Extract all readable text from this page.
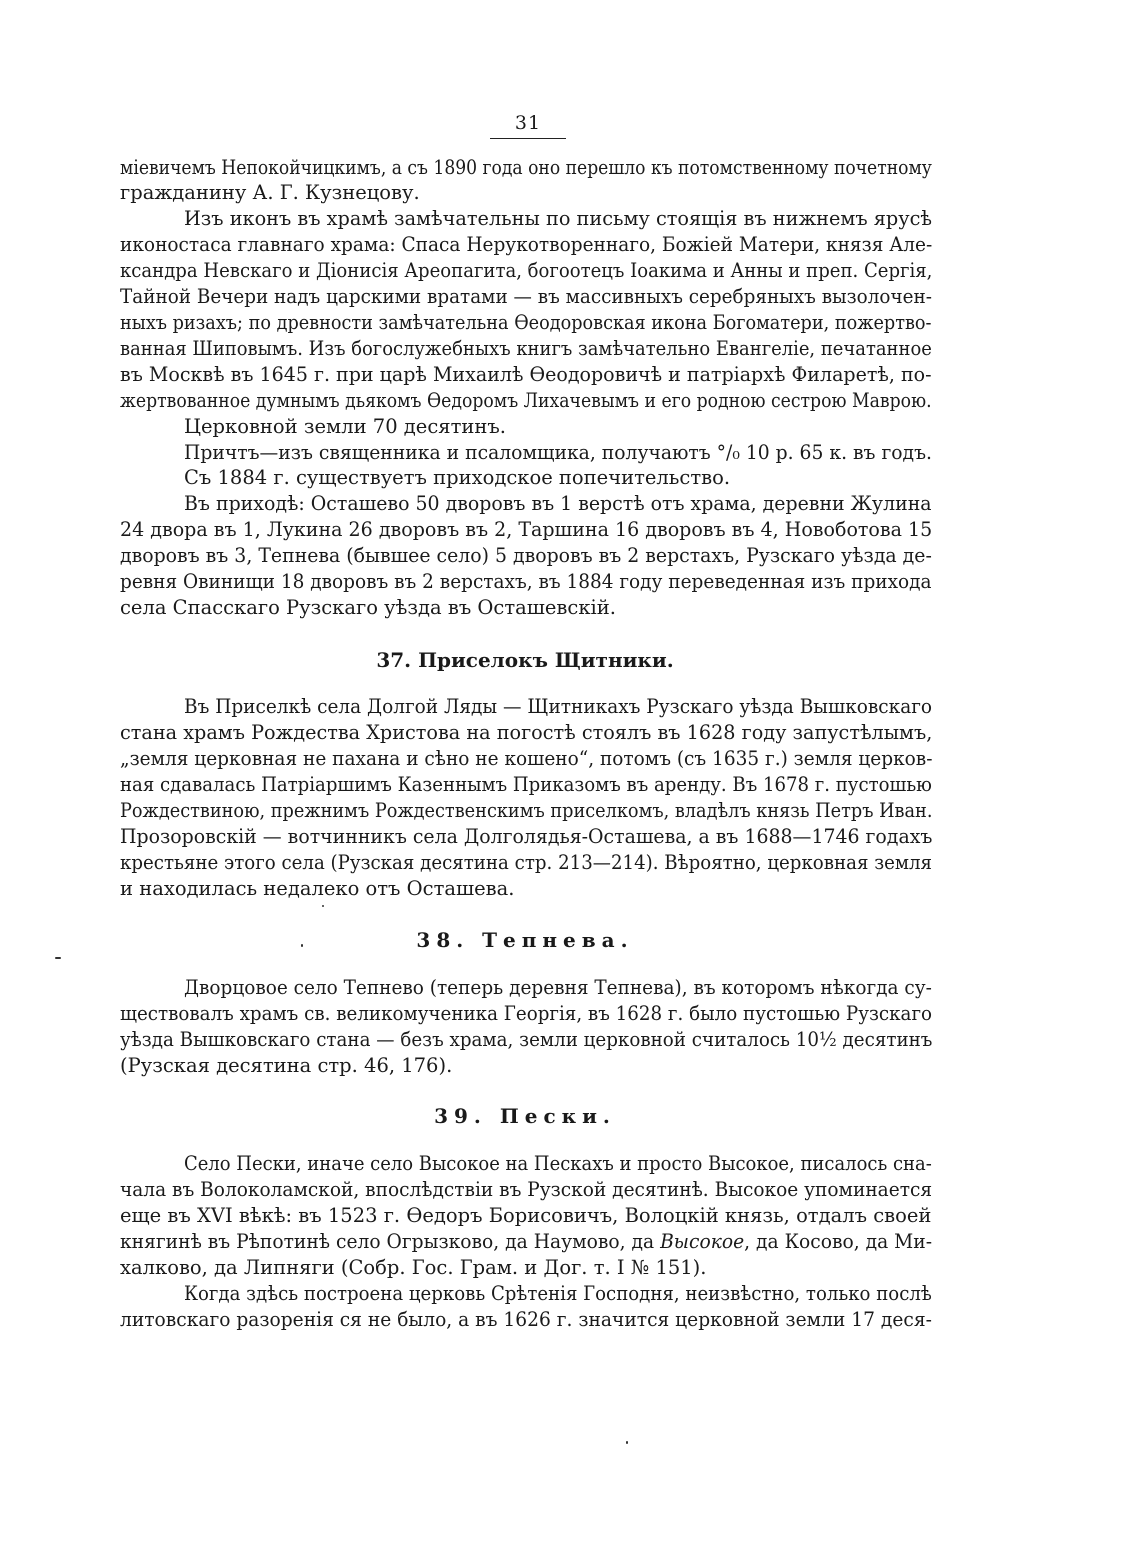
31
міевичемъ Непокойчицкимъ, а съ 1890 года оно перешло къ потомственному почетному
гражданину А. Г. Кузнецову.
Изъ иконъ въ храмѣ замѣчательны по письму стоящія въ нижнемъ ярусѣ
иконостаса главнаго храма: Спаса Нерукотвореннаго, Божіей Матери, князя Але-
ксандра Невскаго и Діонисія Ареопагита, богоотецъ Іоакима и Анны и преп. Сергія,
Тайной Вечери надъ царскими вратами — въ массивныхъ серебряныхъ вызолочен-
ныхъ ризахъ; по древности замѣчательна Ѳеодоровская икона Богоматери, пожертво-
ванная Шиповымъ. Изъ богослужебныхъ книгъ замѣчательно Евангеліе, печатанное
въ Москвѣ въ 1645 г. при царѣ Михаилѣ Ѳеодоровичѣ и патріархѣ Филаретѣ, по-
жертвованное думнымъ дьякомъ Ѳедоромъ Лихачевымъ и его родною сестрою Маврою.
Церковной земли 70 десятинъ.
Причтъ—изъ священника и псаломщика, получаютъ °/₀ 10 р. 65 к. въ годъ.
Съ 1884 г. существуетъ приходское попечительство.
Въ приходѣ: Осташево 50 дворовъ въ 1 верстѣ отъ храма, деревни Жулина
24 двора въ 1, Лукина 26 дворовъ въ 2, Таршина 16 дворовъ въ 4, Новоботова 15
дворовъ въ 3, Тепнева (бывшее село) 5 дворовъ въ 2 верстахъ, Рузскаго уѣзда де-
ревня Овинищи 18 дворовъ въ 2 верстахъ, въ 1884 году переведенная изъ прихода
села Спасскаго Рузскаго уѣзда въ Осташевскій.
37. Приселокъ Щитники.
Въ Приселкѣ села Долгой Ляды — Щитникахъ Рузскаго уѣзда Вышковскаго
стана храмъ Рождества Христова на погостѣ стоялъ въ 1628 году запустѣлымъ,
„земля церковная не пахана и сѣно не кошено“, потомъ (съ 1635 г.) земля церков-
ная сдавалась Патріаршимъ Казеннымъ Приказомъ въ аренду. Въ 1678 г. пустошью
Рождествиною, прежнимъ Рождественскимъ приселкомъ, владѣлъ князь Петръ Иван.
Прозоровскій — вотчинникъ села Долголядья-Осташева, а въ 1688—1746 годахъ
крестьяне этого села (Рузская десятина стр. 213—214). Вѣроятно, церковная земля
и находилась недалеко отъ Осташева.
38. Тепнева.
Дворцовое село Тепнево (теперь деревня Тепнева), въ которомъ нѣкогда су-
ществовалъ храмъ св. великомученика Георгія, въ 1628 г. было пустошью Рузскаго
уѣзда Вышковскаго стана — безъ храма, земли церковной считалось 10½ десятинъ
(Рузская десятина стр. 46, 176).
39. Пески.
Село Пески, иначе село Высокое на Пескахъ и просто Высокое, писалось сна-
чала въ Волоколамской, впослѣдствіи въ Рузской десятинѣ. Высокое упоминается
еще въ XVI вѣкѣ: въ 1523 г. Ѳедоръ Борисовичъ, Волоцкій князь, отдалъ своей
княгинѣ въ Рѣпотинѣ село Огрызково, да Наумово, да Высокое, да Косово, да Ми-
халково, да Липняги (Собр. Гос. Грам. и Дог. т. I № 151).
Когда здѣсь построена церковь Срѣтенія Господня, неизвѣстно, только послѣ
литовскаго разоренія ся не было, а въ 1626 г. значится церковной земли 17 деся-
